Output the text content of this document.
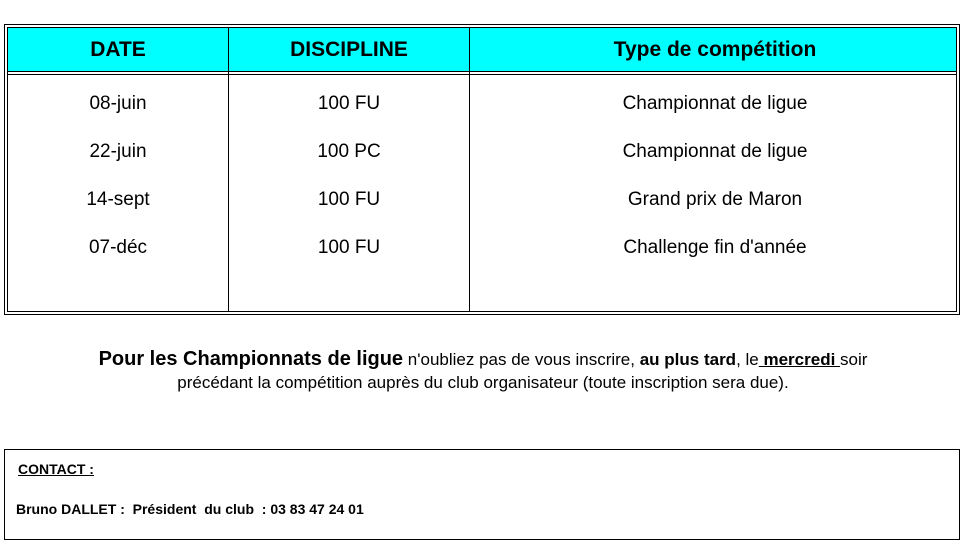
DATE	DISCIPLINE	Type de compétition
08-juin	100 FU	Championnat de ligue
22-juin	100 PC	Championnat de ligue
14-sept	100 FU	Grand prix de Maron
07-déc	100 FU	Challenge fin d'année
Pour les Championnats de ligue n'oubliez pas de vous inscrire, au plus tard, le mercredi soir
précédant la compétition auprès du club organisateur (toute inscription sera due).
CONTACT :
Bruno DALLET :  Président  du club  : 03 83 47 24 01
